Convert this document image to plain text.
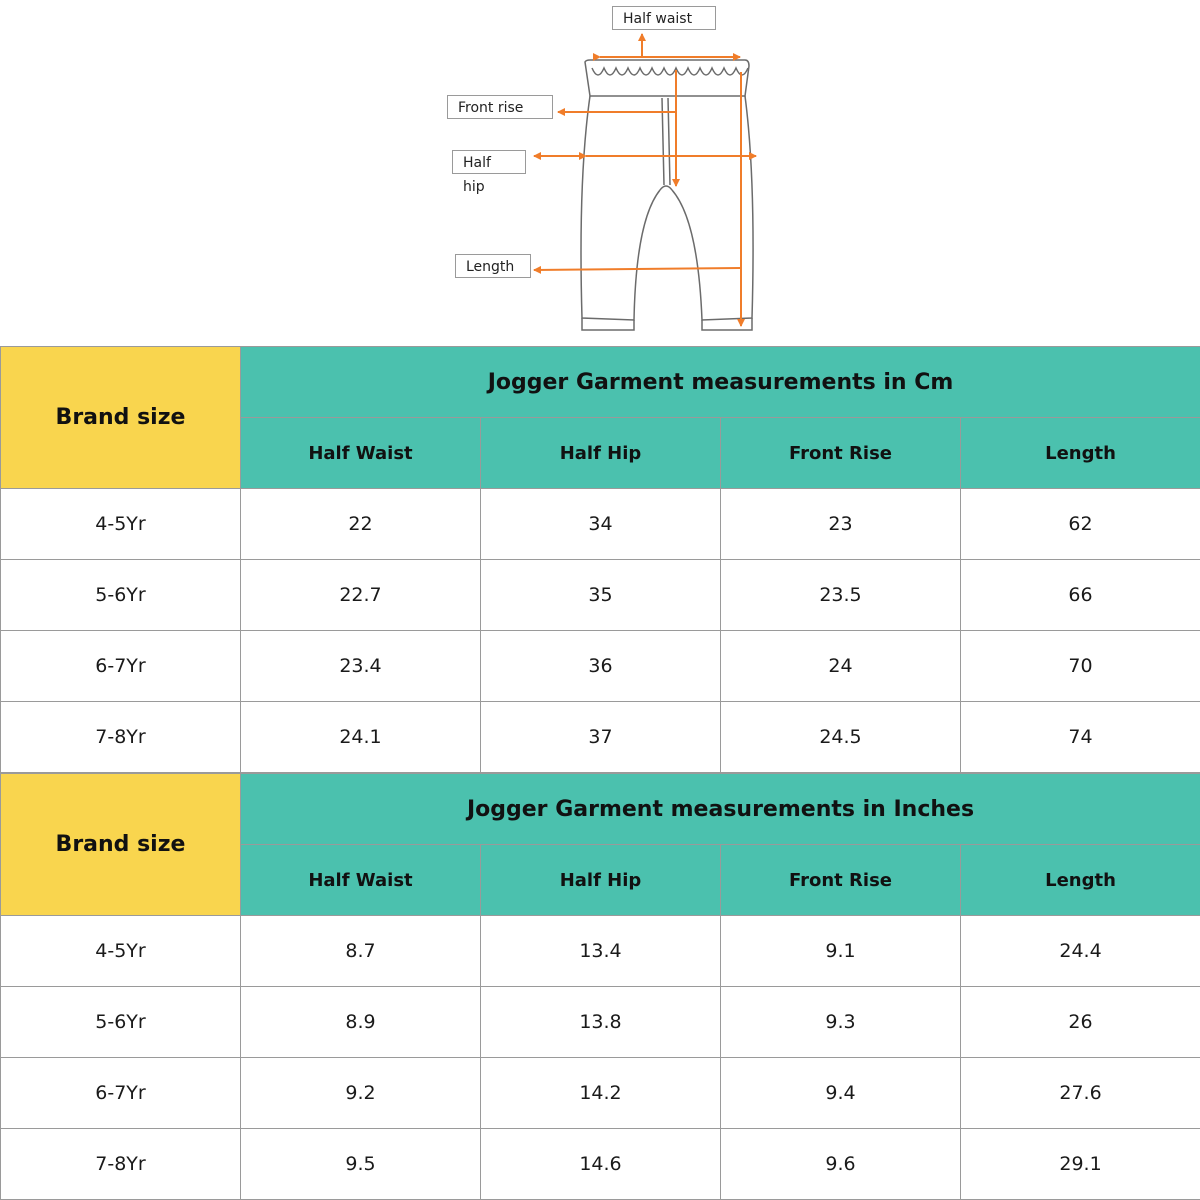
Half waist
Front rise
Half hip
Length
Brand size	Jogger Garment measurements in Cm			
	Half Waist	Half Hip	Front Rise	Length
4-5Yr	22	34	23	62
5-6Yr	22.7	35	23.5	66
6-7Yr	23.4	36	24	70
7-8Yr	24.1	37	24.5	74
Brand size	Jogger Garment measurements in Inches			
	Half Waist	Half Hip	Front Rise	Length
4-5Yr	8.7	13.4	9.1	24.4
5-6Yr	8.9	13.8	9.3	26
6-7Yr	9.2	14.2	9.4	27.6
7-8Yr	9.5	14.6	9.6	29.1
